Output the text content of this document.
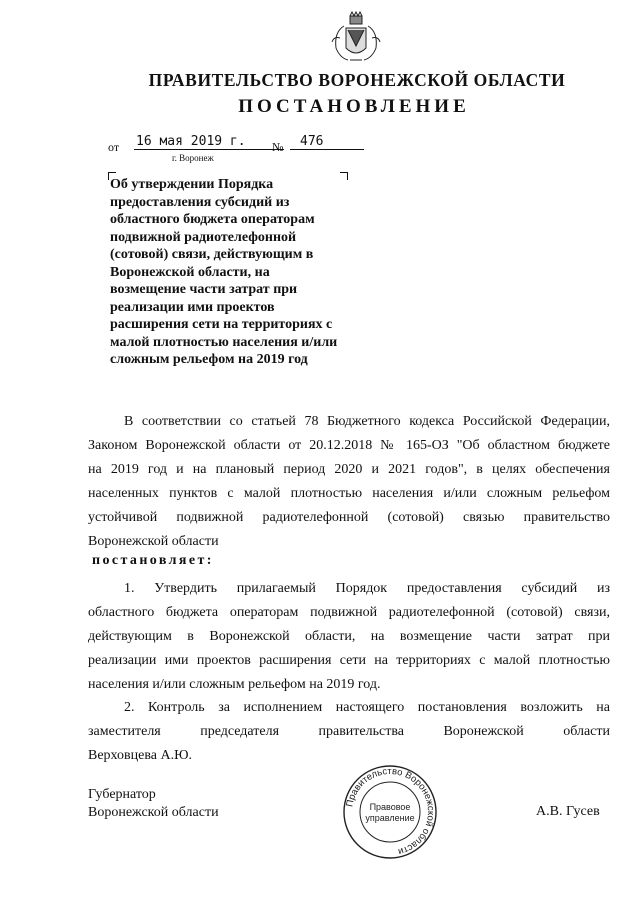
ПРАВИТЕЛЬСТВО ВОРОНЕЖСКОЙ ОБЛАСТИ
ПОСТАНОВЛЕНИЕ
от 16 мая 2019 г.	№	476
г. Воронеж
Об утверждении Порядка
предоставления субсидий из
областного бюджета операторам
подвижной радиотелефонной
(сотовой) связи, действующим в
Воронежской области, на
возмещение части затрат при
реализации ими проектов
расширения сети на территориях с
малой плотностью населения и/или
сложным рельефом на 2019 год
В соответствии со статьей 78 Бюджетного кодекса Российской Федерации,
Законом Воронежской области от 20.12.2018 № 165-ОЗ "Об областном бюджете
на 2019 год и на плановый период 2020 и 2021 годов", в целях обеспечения
населенных пунктов с малой плотностью населения и/или сложным рельефом
устойчивой подвижной радиотелефонной (сотовой) связью правительство
Воронежской области
постановляет:
1. Утвердить прилагаемый Порядок предоставления субсидий из
областного бюджета операторам подвижной радиотелефонной (сотовой) связи,
действующим в Воронежской области, на возмещение части затрат при
реализации ими проектов расширения сети на территориях с малой плотностью
населения и/или сложным рельефом на 2019 год.
2. Контроль за исполнением настоящего постановления возложить на
заместителя председателя правительства Воронежской области
Верховцева А.Ю.
Губернатор
Воронежской области
Правительство Воронежской области
Правовое
управление	А.В. Гусев
